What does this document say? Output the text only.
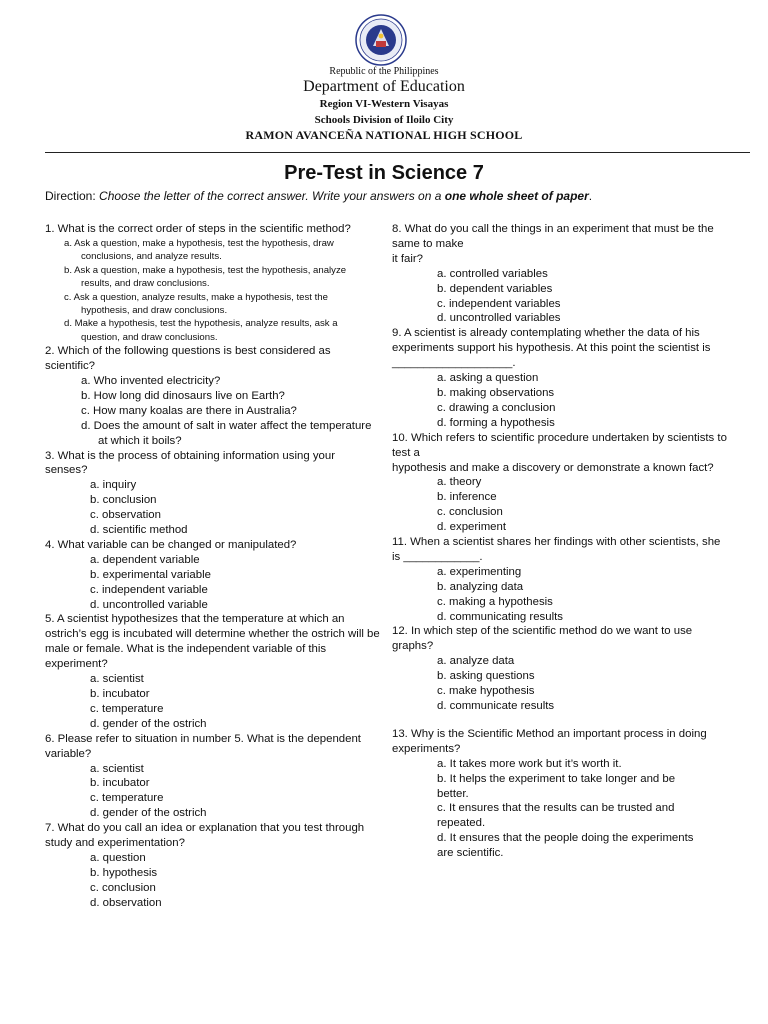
Republic of the Philippines
Department of Education
Region VI-Western Visayas
Schools Division of Iloilo City
RAMON AVANCEÑA NATIONAL HIGH SCHOOL
Pre-Test in Science 7
Direction: Choose the letter of the correct answer. Write your answers on a one whole sheet of paper.

1. What is the correct order of steps in the scientific method?

a. Ask a question, make a hypothesis, test the hypothesis, draw conclusions, and analyze results.

b. Ask a question, make a hypothesis, test the hypothesis, analyze results, and draw conclusions.

c. Ask a question, analyze results, make a hypothesis, test the hypothesis, and draw conclusions.

d. Make a hypothesis, test the hypothesis, analyze results, ask a question, and draw conclusions.

2. Which of the following questions is best considered as scientific?

a. Who invented electricity?

b. How long did dinosaurs live on Earth?

c. How many koalas are there in Australia?

d. Does the amount of salt in water affect the temperature at which it boils?

3. What is the process of obtaining information using your senses?

a. inquiry

b. conclusion

c. observation

d. scientific method

4. What variable can be changed or manipulated?

a. dependent variable

b. experimental variable

c. independent variable

d. uncontrolled variable

5. A scientist hypothesizes that the temperature at which an ostrich’s egg is incubated will determine whether the ostrich will be male or female. What is the independent variable of this experiment?

a. scientist

b. incubator

c. temperature

d. gender of the ostrich

6. Please refer to situation in number 5. What is the dependent variable?

a. scientist

b. incubator

c. temperature

d. gender of the ostrich

7. What do you call an idea or explanation that you test through study and experimentation?

a. question

b. hypothesis

c. conclusion

d. observation

8. What do you call the things in an experiment that must be the same to make

it fair?

a. controlled variables

b. dependent variables

c. independent variables

d. uncontrolled variables

9. A scientist is already contemplating whether the data of his experiments support his hypothesis. At this point the scientist is ___________________.

a. asking a question

b. making observations

c. drawing a conclusion

d. forming a hypothesis

10. Which refers to scientific procedure undertaken by scientists to test a

hypothesis and make a discovery or demonstrate a known fact?

a. theory

b. inference

c. conclusion

d. experiment

11. When a scientist shares her findings with other scientists, she is ____________.

a. experimenting

b. analyzing data

c. making a hypothesis

d. communicating results

12. In which step of the scientific method do we want to use graphs?

a. analyze data

b. asking questions

c. make hypothesis

d. communicate results

13. Why is the Scientific Method an important process in doing experiments?

a. It takes more work but it’s worth it.

b. It helps the experiment to take longer and be better.

c. It ensures that the results can be trusted and repeated.

d. It ensures that the people doing the experiments are scientific.
